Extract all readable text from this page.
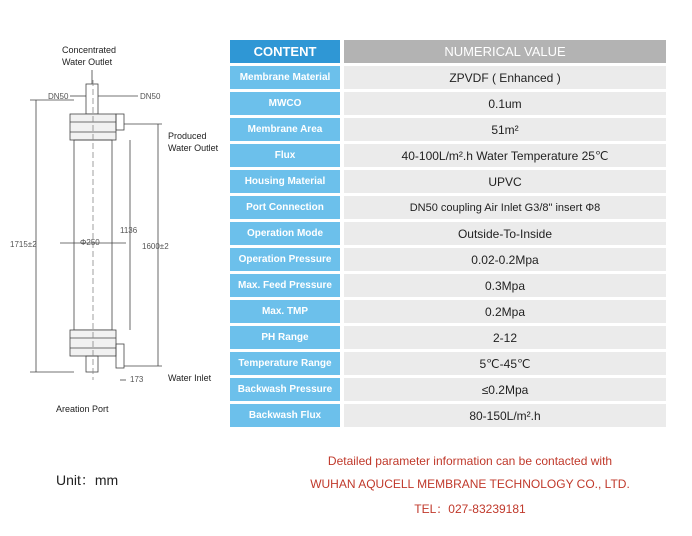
Concentrated
Water Outlet
Produced
Water Outlet
Water Inlet
Areation Port
DN50	DN50
1715±2	Φ250
1136
1600±2
173
CONTENT	NUMERICAL VALUE
Membrane Material	ZPVDF ( Enhanced )
MWCO	0.1um
Membrane Area	51m²
Flux	40-100L/m².h Water Temperature 25℃
Housing Material	UPVC
Port Connection	DN50 coupling Air Inlet G3/8" insert Φ8
Operation Mode	Outside-To-Inside
Operation Pressure	0.02-0.2Mpa
Max. Feed Pressure	0.3Mpa
Max. TMP	0.2Mpa
PH Range	2-12
Temperature Range	5℃-45℃
Backwash Pressure	≤0.2Mpa
Backwash Flux	80-150L/m².h
Unit：mm
Detailed parameter information can be contacted with
WUHAN AQUCELL MEMBRANE TECHNOLOGY CO., LTD.
TEL：027-83239181
